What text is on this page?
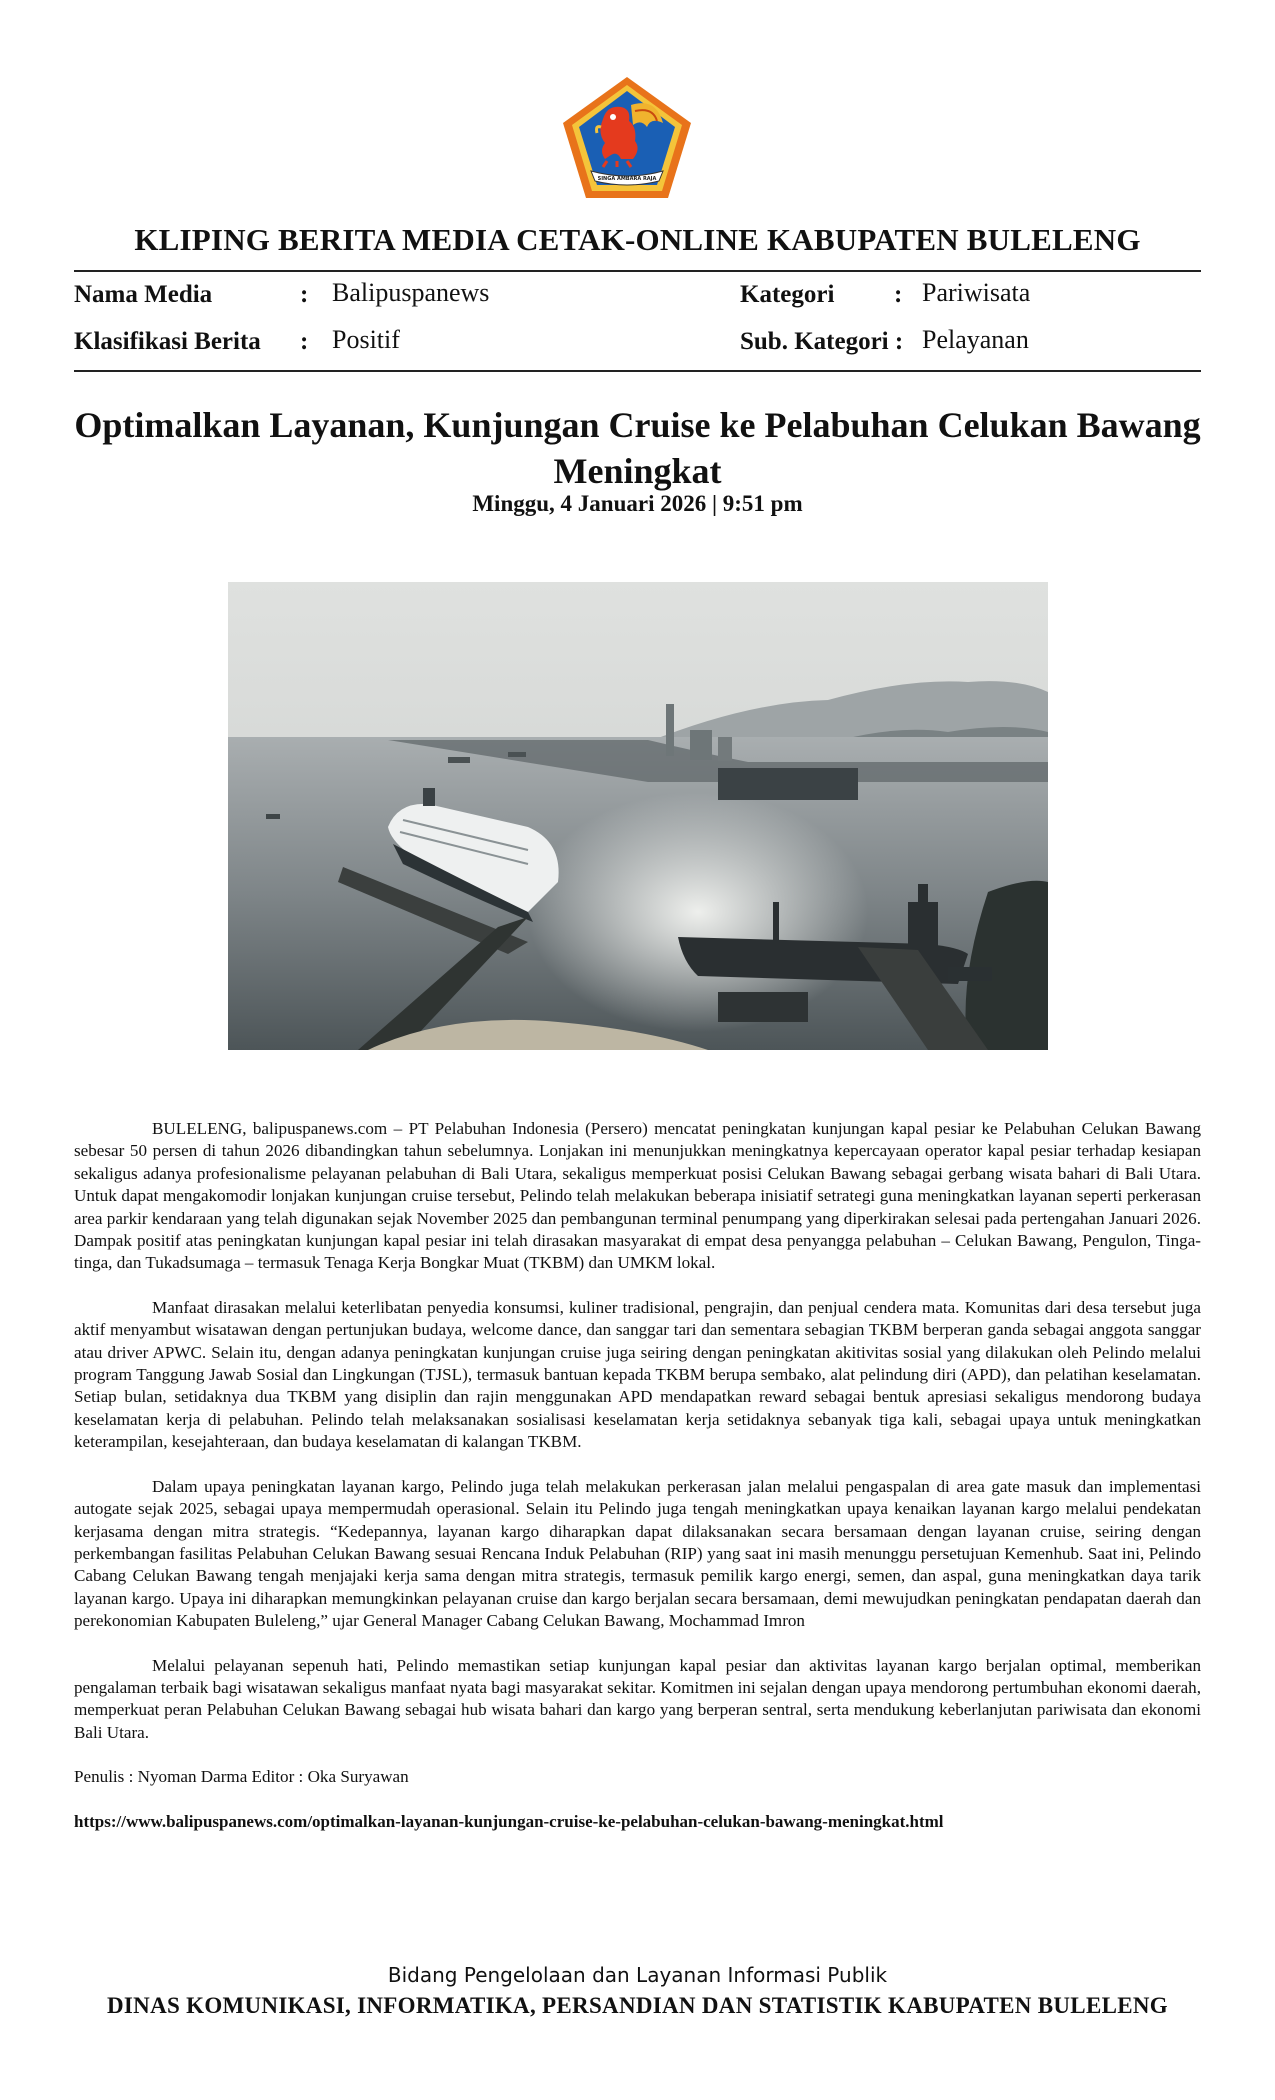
SINGA AMBARA RAJA
KLIPING BERITA MEDIA CETAK-ONLINE KABUPATEN BULELENG
Nama Media	: Balipuspanews	Kategori : Pariwisata
Klasifikasi Berita : Positif	Sub. Kategori : Pelayanan
Optimalkan Layanan, Kunjungan Cruise ke Pelabuhan Celukan Bawang Meningkat
Minggu, 4 Januari 2026 | 9:51 pm

BULELENG, balipuspanews.com – PT Pelabuhan Indonesia (Persero) mencatat peningkatan kunjungan kapal pesiar ke Pelabuhan Celukan Bawang sebesar 50 persen di tahun 2026 dibandingkan tahun sebelumnya. Lonjakan ini menunjukkan meningkatnya kepercayaan operator kapal pesiar terhadap kesiapan sekaligus adanya profesionalisme pelayanan pelabuhan di Bali Utara, sekaligus memperkuat posisi Celukan Bawang sebagai gerbang wisata bahari di Bali Utara. Untuk dapat mengakomodir lonjakan kunjungan cruise tersebut, Pelindo telah melakukan beberapa inisiatif setrategi guna meningkatkan layanan seperti perkerasan area parkir kendaraan yang telah digunakan sejak November 2025 dan pembangunan terminal penumpang yang diperkirakan selesai pada pertengahan Januari 2026. Dampak positif atas peningkatan kunjungan kapal pesiar ini telah dirasakan masyarakat di empat desa penyangga pelabuhan – Celukan Bawang, Pengulon, Tinga-tinga, dan Tukadsumaga – termasuk Tenaga Kerja Bongkar Muat (TKBM) dan UMKM lokal.

Manfaat dirasakan melalui keterlibatan penyedia konsumsi, kuliner tradisional, pengrajin, dan penjual cendera mata. Komunitas dari desa tersebut juga aktif menyambut wisatawan dengan pertunjukan budaya, welcome dance, dan sanggar tari dan sementara sebagian TKBM berperan ganda sebagai anggota sanggar atau driver APWC. Selain itu, dengan adanya peningkatan kunjungan cruise juga seiring dengan peningkatan akitivitas sosial yang dilakukan oleh Pelindo melalui program Tanggung Jawab Sosial dan Lingkungan (TJSL), termasuk bantuan kepada TKBM berupa sembako, alat pelindung diri (APD), dan pelatihan keselamatan. Setiap bulan, setidaknya dua TKBM yang disiplin dan rajin menggunakan APD mendapatkan reward sebagai bentuk apresiasi sekaligus mendorong budaya keselamatan kerja di pelabuhan. Pelindo telah melaksanakan sosialisasi keselamatan kerja setidaknya sebanyak tiga kali, sebagai upaya untuk meningkatkan keterampilan, kesejahteraan, dan budaya keselamatan di kalangan TKBM.

Dalam upaya peningkatan layanan kargo, Pelindo juga telah melakukan perkerasan jalan melalui pengaspalan di area gate masuk dan implementasi autogate sejak 2025, sebagai upaya mempermudah operasional. Selain itu Pelindo juga tengah meningkatkan upaya kenaikan layanan kargo melalui pendekatan kerjasama dengan mitra strategis. “Kedepannya, layanan kargo diharapkan dapat dilaksanakan secara bersamaan dengan layanan cruise, seiring dengan perkembangan fasilitas Pelabuhan Celukan Bawang sesuai Rencana Induk Pelabuhan (RIP) yang saat ini masih menunggu persetujuan Kemenhub. Saat ini, Pelindo Cabang Celukan Bawang tengah menjajaki kerja sama dengan mitra strategis, termasuk pemilik kargo energi, semen, dan aspal, guna meningkatkan daya tarik layanan kargo. Upaya ini diharapkan memungkinkan pelayanan cruise dan kargo berjalan secara bersamaan, demi mewujudkan peningkatan pendapatan daerah dan perekonomian Kabupaten Buleleng,” ujar General Manager Cabang Celukan Bawang, Mochammad Imron

Melalui pelayanan sepenuh hati, Pelindo memastikan setiap kunjungan kapal pesiar dan aktivitas layanan kargo berjalan optimal, memberikan pengalaman terbaik bagi wisatawan sekaligus manfaat nyata bagi masyarakat sekitar. Komitmen ini sejalan dengan upaya mendorong pertumbuhan ekonomi daerah, memperkuat peran Pelabuhan Celukan Bawang sebagai hub wisata bahari dan kargo yang berperan sentral, serta mendukung keberlanjutan pariwisata dan ekonomi Bali Utara.

Penulis : Nyoman Darma Editor : Oka Suryawan
https://www.balipuspanews.com/optimalkan-layanan-kunjungan-cruise-ke-pelabuhan-celukan-bawang-meningkat.html
Bidang Pengelolaan dan Layanan Informasi Publik
DINAS KOMUNIKASI, INFORMATIKA, PERSANDIAN DAN STATISTIK KABUPATEN BULELENG
